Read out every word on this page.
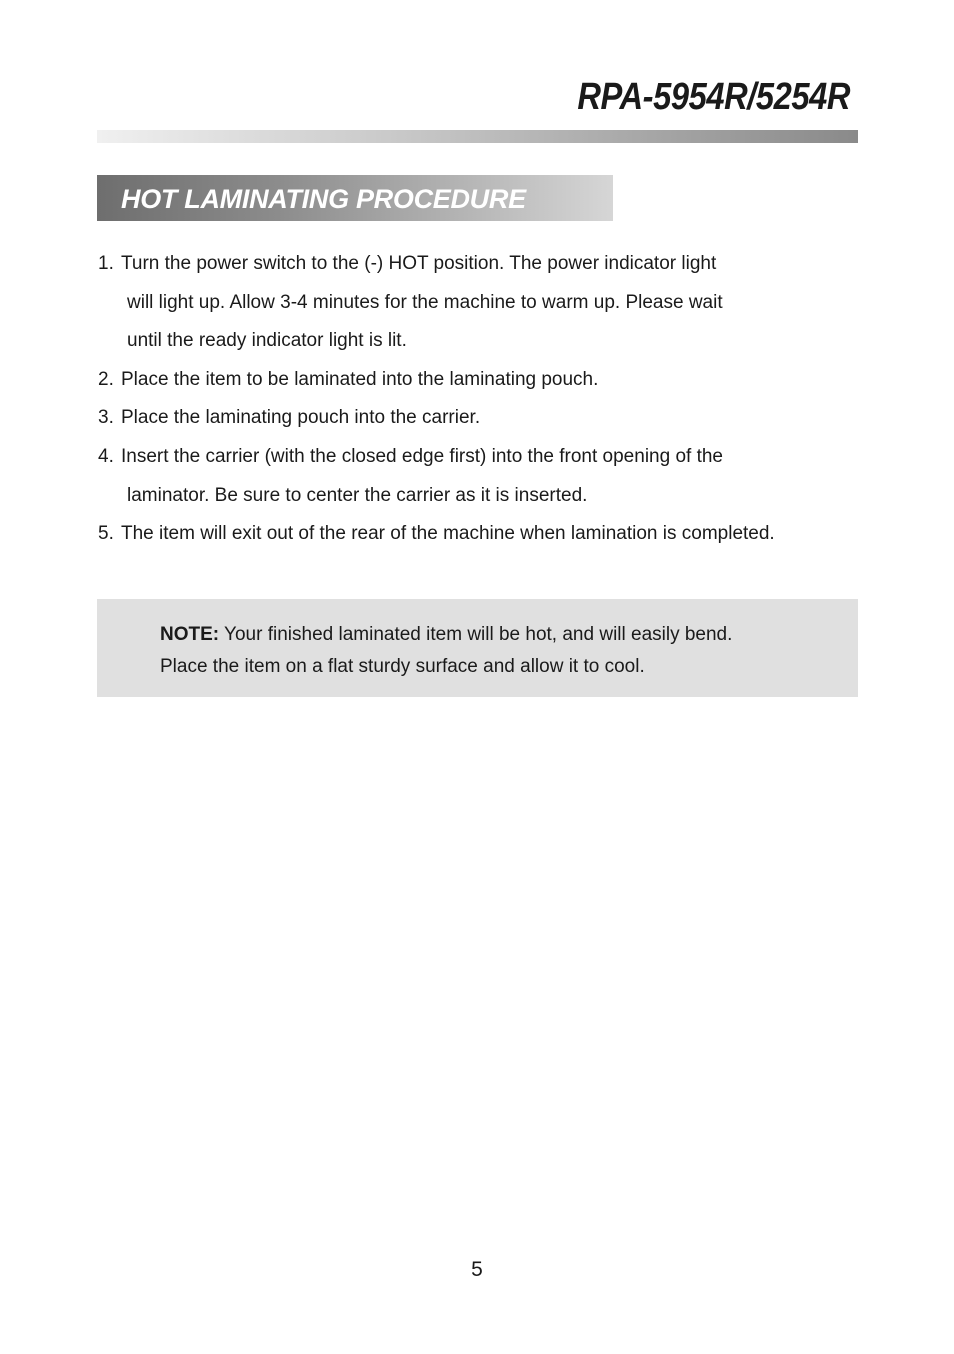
RPA-5954R/5254R
HOT LAMINATING PROCEDURE
1. Turn the power switch to the (-) HOT position. The power indicator light
will light up. Allow 3-4 minutes for the machine to warm up. Please wait
until the ready indicator light is lit.
2. Place the item to be laminated into the laminating pouch.
3. Place the laminating pouch into the carrier.
4. Insert the carrier (with the closed edge first) into the front opening of the
laminator. Be sure to center the carrier as it is inserted.
5. The item will exit out of the rear of the machine when lamination is completed.
NOTE: Your finished laminated item will be hot, and will easily bend.
Place the item on a flat sturdy surface and allow it to cool.
5
